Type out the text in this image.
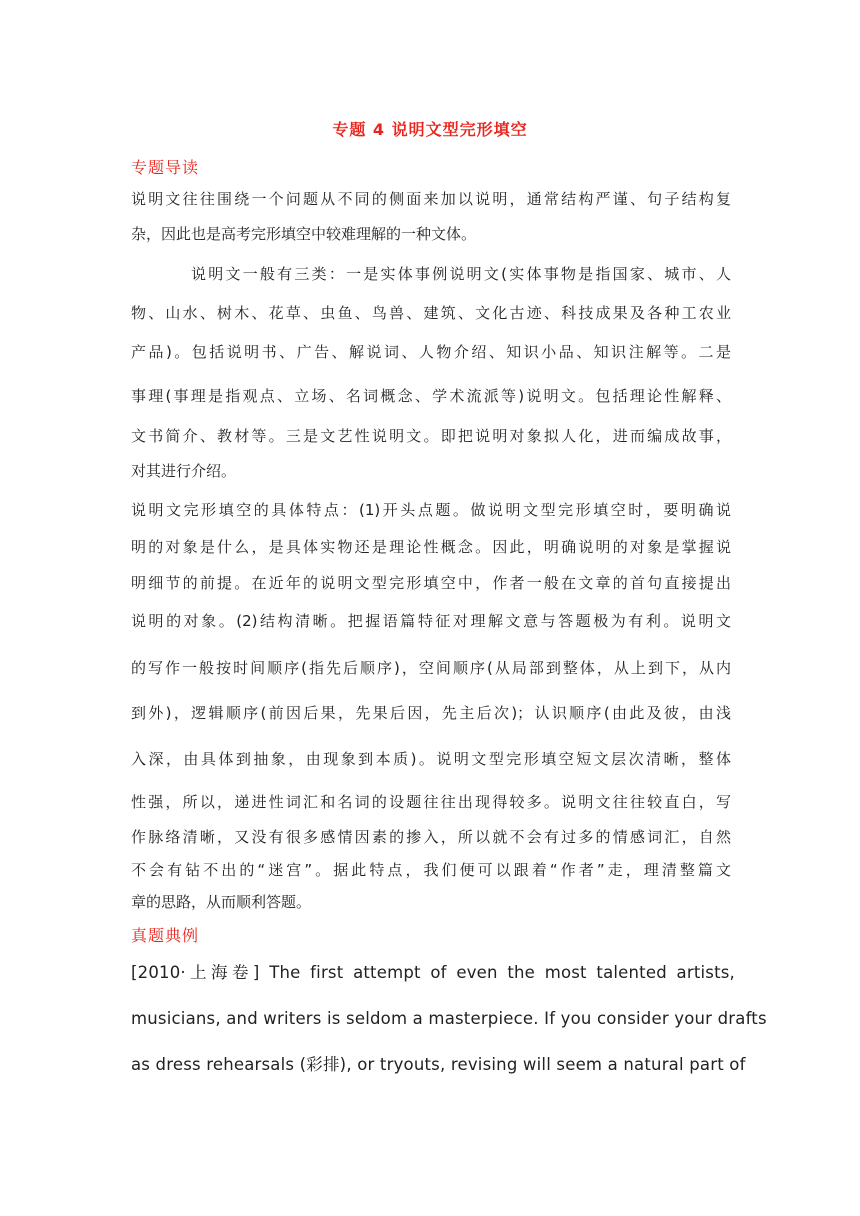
专题 4 说明文型完形填空
专题导读
说明文往往围绕一个问题从不同的侧面来加以说明，通常结构严谨、句子结构复
杂，因此也是高考完形填空中较难理解的一种文体。
说明文一般有三类：一是实体事例说明文(实体事物是指国家、城市、人
物、山水、树木、花草、虫鱼、鸟兽、建筑、文化古迹、科技成果及各种工农业
产品)。包括说明书、广告、解说词、人物介绍、知识小品、知识注解等。二是
事理(事理是指观点、立场、名词概念、学术流派等)说明文。包括理论性解释、
文书简介、教材等。三是文艺性说明文。即把说明对象拟人化，进而编成故事，
对其进行介绍。
说明文完形填空的具体特点：(1)开头点题。做说明文型完形填空时，要明确说
明的对象是什么，是具体实物还是理论性概念。因此，明确说明的对象是掌握说
明细节的前提。在近年的说明文型完形填空中，作者一般在文章的首句直接提出
说明的对象。(2)结构清晰。把握语篇特征对理解文意与答题极为有利。说明文
的写作一般按时间顺序(指先后顺序)，空间顺序(从局部到整体，从上到下，从内
到外)，逻辑顺序(前因后果，先果后因，先主后次)；认识顺序(由此及彼，由浅
入深，由具体到抽象，由现象到本质)。说明文型完形填空短文层次清晰，整体
性强，所以，递进性词汇和名词的设题往往出现得较多。说明文往往较直白，写
作脉络清晰，又没有很多感情因素的掺入，所以就不会有过多的情感词汇，自然
不会有钻不出的“迷宫”。据此特点，我们便可以跟着“作者”走，理清整篇文
章的思路，从而顺利答题。
真题典例
[2010·上海卷] The first attempt of even the most talented artists,
musicians, and writers is seldom a masterpiece. If you consider your drafts
as dress rehearsals (彩排), or tryouts, revising will seem a natural part of
